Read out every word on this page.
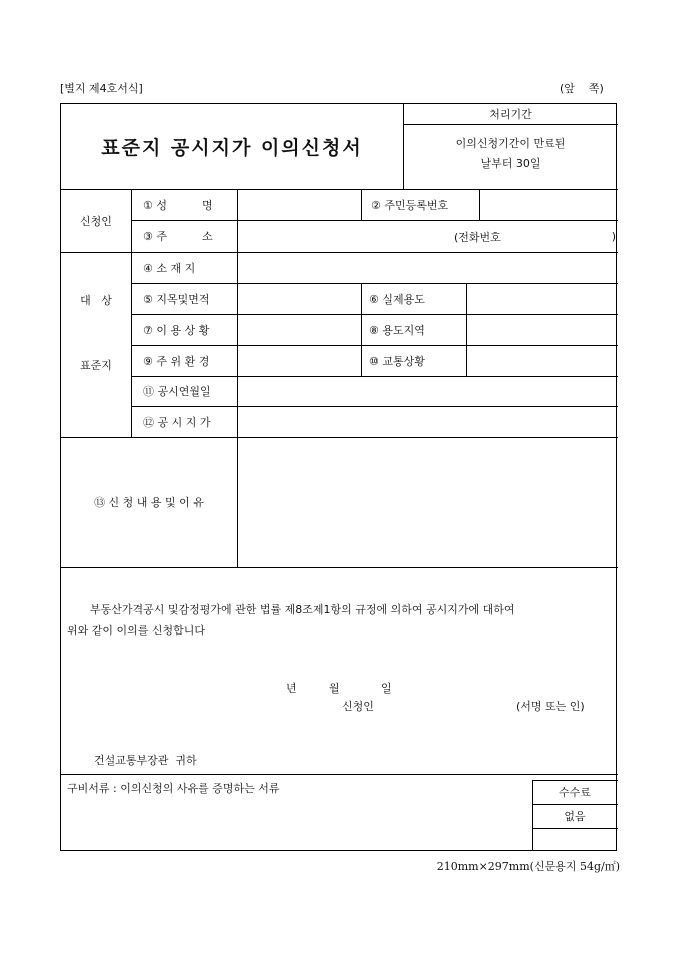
[별지 제4호서식]	(앞    쪽)
표준지 공시지가 이의신청서
처리기간
이의신청기간이 만료된
날부터 30일
신청인
① 성          명	② 주민등록번호
③ 주          소	(전화번호	)
대   상
표준지
④ 소 재 지
⑤ 지목및면적	⑥ 실제용도
⑦ 이 용 상 황	⑧ 용도지역
⑨ 주 위 환 경	⑩ 교통상황
⑪ 공시연월일
⑫ 공 시 지 가
⑬ 신 청 내 용 및 이 유
부동산가격공시 및감정평가에 관한 법률 제8조제1항의 규정에 의하여 공시지가에 대하여
위와 같이 이의를 신청합니다
년	월	일
신청인	(서명 또는 인)
건설교통부장관  귀하
구비서류 : 이의신청의 사유를 증명하는 서류	수수료
없음
210mm×297mm(신문용지 54g/㎡)
